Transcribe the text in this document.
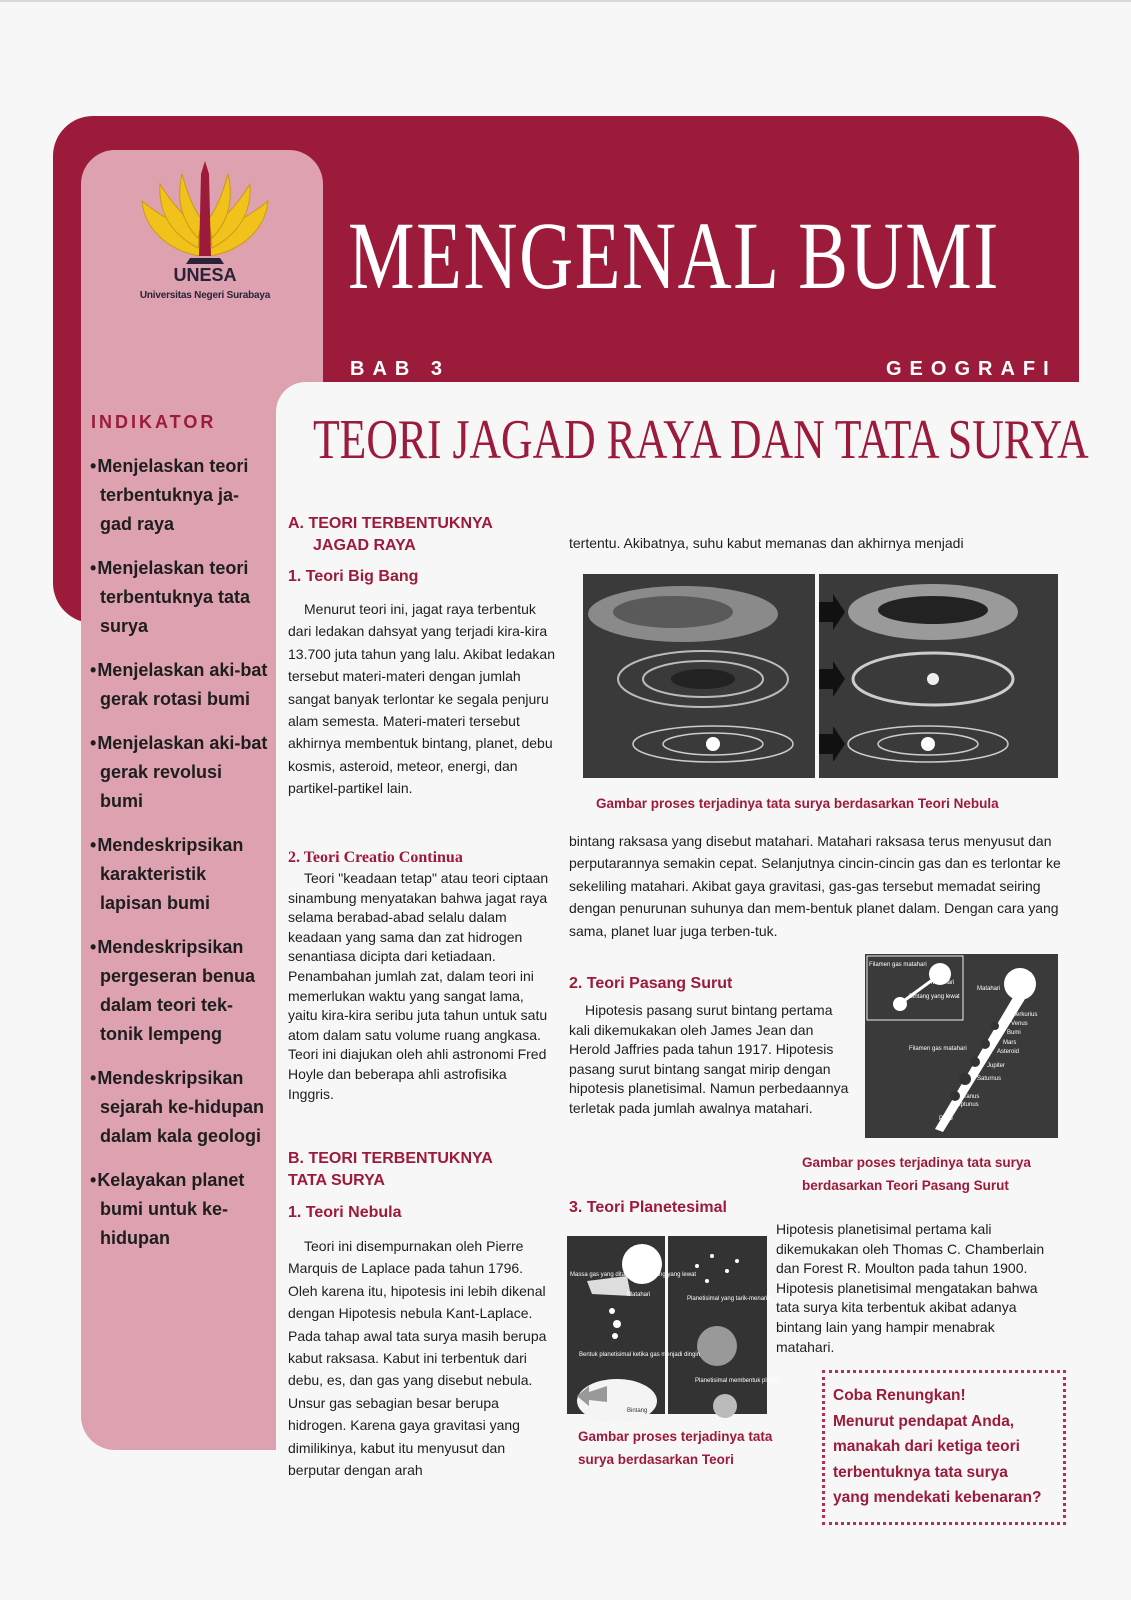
UNESA
Universitas Negeri Surabaya MENGENAL BUMI
BAB 3	GEOGRAFI
INDIKATOR
• Menjelaskan teori terbentuknya ja-gad raya
• Menjelaskan teori terbentuknya tata surya
• Menjelaskan aki-bat gerak rotasi bumi
• Menjelaskan aki-bat gerak revolusi bumi
• Mendeskripsikan karakteristik lapisan bumi
• Mendeskripsikan pergeseran benua dalam teori tek-tonik lempeng
• Mendeskripsikan sejarah ke-hidupan dalam kala geologi
• Kelayakan planet bumi untuk ke-hidupan
TEORI JAGAD RAYA DAN TATA SURYA
A. TEORI TERBENTUKNYA
JAGAD RAYA
1. Teori Big Bang
Menurut teori ini, jagat raya terbentuk dari ledakan dahsyat yang terjadi kira-kira 13.700 juta tahun yang lalu. Akibat ledakan tersebut materi-materi dengan jumlah sangat banyak terlontar ke segala penjuru alam semesta. Materi-materi tersebut akhirnya membentuk bintang, planet, debu kosmis, asteroid, meteor, energi, dan partikel-partikel lain.
2. Teori Creatio Continua
Teori "keadaan tetap" atau teori ciptaan sinambung menyatakan bahwa jagat raya selama berabad-abad selalu dalam keadaan yang sama dan zat hidrogen senantiasa dicipta dari ketiadaan. Penambahan jumlah zat, dalam teori ini memerlukan waktu yang sangat lama, yaitu kira-kira seribu juta tahun untuk satu atom dalam satu volume ruang angkasa. Teori ini diajukan oleh ahli astronomi Fred Hoyle dan beberapa ahli astrofisika Inggris.
B. TEORI TERBENTUKNYA
TATA SURYA
1. Teori Nebula
Teori ini disempurnakan oleh Pierre Marquis de Laplace pada tahun 1796. Oleh karena itu, hipotesis ini lebih dikenal dengan Hipotesis nebula Kant-Laplace. Pada tahap awal tata surya masih berupa kabut raksasa. Kabut ini terbentuk dari debu, es, dan gas yang disebut nebula. Unsur gas sebagian besar berupa hidrogen. Karena gaya gravitasi yang dimilikinya, kabut itu menyusut dan berputar dengan arah
tertentu. Akibatnya, suhu kabut memanas dan akhirnya menjadi
Gambar proses terjadinya tata surya berdasarkan Teori Nebula
bintang raksasa yang disebut matahari. Matahari raksasa terus menyusut dan perputarannya semakin cepat. Selanjutnya cincin-cincin gas dan es terlontar ke sekeliling matahari. Akibat gaya gravitasi, gas-gas tersebut memadat seiring dengan penurunan suhunya dan mem-bentuk planet dalam. Dengan cara yang sama, planet luar juga terben-tuk.
2. Teori Pasang Surut
Hipotesis pasang surut bintang pertama kali dikemukakan oleh James Jean dan Herold Jaffries pada tahun 1917. Hipotesis pasang surut bintang sangat mirip dengan hipotesis planetisimal. Namun perbedaannya terletak pada jumlah awalnya matahari.
Filamen gas matahari
Matahari
Bintang yang lewat
Matahari
Merkurius
Venus
Bumi
Mars
Asteroid
Filamen gas matahari
Jupiter
Saturnus
Uranus
Neptunus
Pluto
Gambar poses terjadinya tata surya berdasarkan Teori Pasang Surut
3. Teori Planetesimal
Massa gas yang ditarik oleh bintang yang lewat
Matahari
Planetisimal yang tarik-menarik
Bentuk planetisimal ketika gas menjadi dingin
Planetisimal membentuk planet
Bintang
Gambar proses terjadinya tata surya berdasarkan Teori
Hipotesis planetisimal pertama kali dikemukakan oleh Thomas C. Chamberlain dan Forest R. Moulton pada tahun 1900. Hipotesis planetisimal mengatakan bahwa tata surya kita terbentuk akibat adanya bintang lain yang hampir menabrak matahari.
Coba Renungkan!
Menurut pendapat Anda,
manakah dari ketiga teori
terbentuknya tata surya
yang mendekati kebenaran?
